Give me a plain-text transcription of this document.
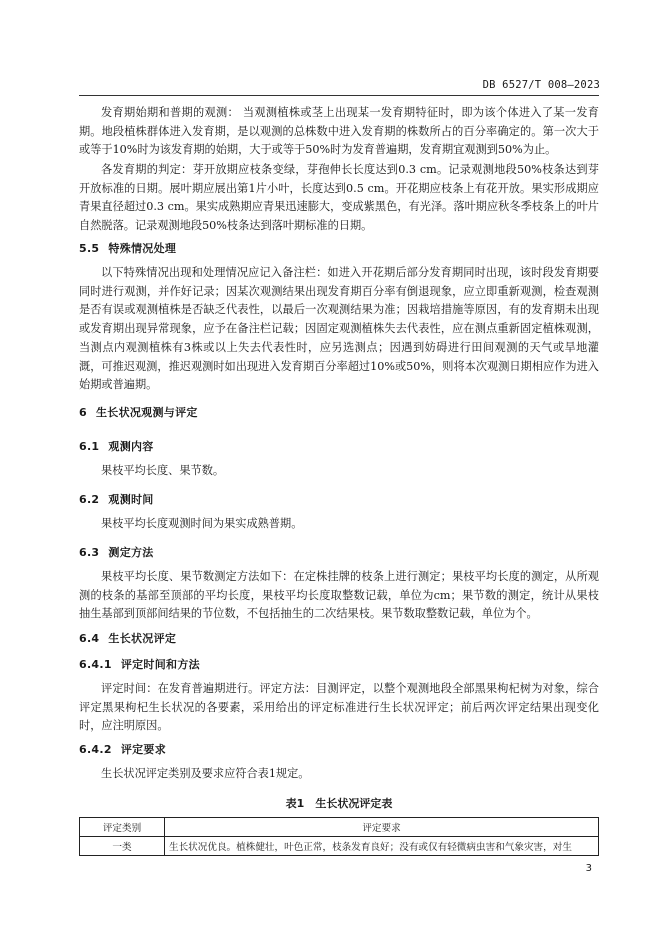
DB 6527/T 008—2023

发育期始期和普期的观测： 当观测植株或茎上出现某一发育期特征时，即为该个体进入了某一发育期。地段植株群体进入发育期，是以观测的总株数中进入发育期的株数所占的百分率确定的。第一次大于或等于10%时为该发育期的始期，大于或等于50%时为发育普遍期，发育期宜观测到50%为止。

各发育期的判定：芽开放期应枝条变绿，芽孢伸长长度达到0.3 cm。记录观测地段50%枝条达到芽开放标准的日期。展叶期应展出第1片小叶，长度达到0.5 cm。开花期应枝条上有花开放。果实形成期应青果直径超过0.3 cm。果实成熟期应青果迅速膨大，变成紫黑色，有光泽。落叶期应秋冬季枝条上的叶片自然脱落。记录观测地段50%枝条达到落叶期标准的日期。

5.5 特殊情况处理

以下特殊情况出现和处理情况应记入备注栏：如进入开花期后部分发育期同时出现，该时段发育期要同时进行观测，并作好记录；因某次观测结果出现发育期百分率有倒退现象，应立即重新观测，检查观测是否有误或观测植株是否缺乏代表性，以最后一次观测结果为准；因栽培措施等原因，有的发育期未出现或发育期出现异常现象，应予在备注栏记载；因固定观测植株失去代表性，应在测点重新固定植株观测，当测点内观测植株有3株或以上失去代表性时，应另选测点；因遇到妨碍进行田间观测的天气或旱地灌溉，可推迟观测，推迟观测时如出现进入发育期百分率超过10%或50%，则将本次观测日期相应作为进入始期或普遍期。

6 生长状况观测与评定
6.1 观测内容

果枝平均长度、果节数。

6.2 观测时间

果枝平均长度观测时间为果实成熟普期。

6.3 测定方法

果枝平均长度、果节数测定方法如下：在定株挂牌的枝条上进行测定；果枝平均长度的测定，从所观测的枝条的基部至顶部的平均长度，果枝平均长度取整数记载，单位为cm；果节数的测定，统计从果枝抽生基部到顶部间结果的节位数，不包括抽生的二次结果枝。果节数取整数记载，单位为个。

6.4 生长状况评定
6.4.1 评定时间和方法

评定时间：在发育普遍期进行。评定方法：目测评定，以整个观测地段全部黑果枸杞树为对象，综合评定黑果枸杞生长状况的各要素，采用给出的评定标准进行生长状况评定；前后两次评定结果出现变化时，应注明原因。

6.4.2 评定要求

生长状况评定类别及要求应符合表1规定。

表1　生长状况评定表
评定类别	评定要求
一类	生长状况优良。植株健壮，叶色正常，枝条发育良好；没有或仅有轻微病虫害和气象灾害，对生
3
